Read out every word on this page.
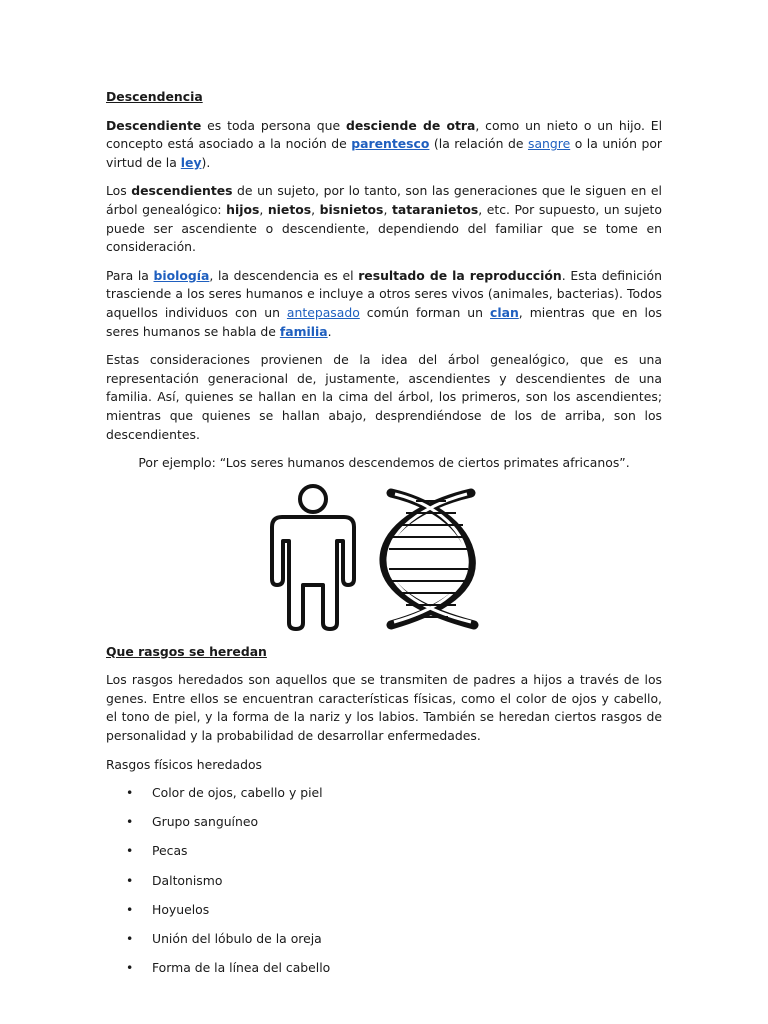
Descendencia

Descendiente es toda persona que desciende de otra, como un nieto o un hijo. El concepto está asociado a la noción de parentesco (la relación de sangre o la unión por virtud de la ley).

Los descendientes de un sujeto, por lo tanto, son las generaciones que le siguen en el árbol genealógico: hijos, nietos, bisnietos, tataranietos, etc. Por supuesto, un sujeto puede ser ascendiente o descendiente, dependiendo del familiar que se tome en consideración.

Para la biología, la descendencia es el resultado de la reproducción. Esta definición trasciende a los seres humanos e incluye a otros seres vivos (animales, bacterias). Todos aquellos individuos con un antepasado común forman un clan, mientras que en los seres humanos se habla de familia.

Estas consideraciones provienen de la idea del árbol genealógico, que es una representación generacional de, justamente, ascendientes y descendientes de una familia. Así, quienes se hallan en la cima del árbol, los primeros, son los ascendientes; mientras que quienes se hallan abajo, desprendiéndose de los de arriba, son los descendientes.

Por ejemplo: “Los seres humanos descendemos de ciertos primates africanos”.

Que rasgos se heredan

Los rasgos heredados son aquellos que se transmiten de padres a hijos a través de los genes. Entre ellos se encuentran características físicas, como el color de ojos y cabello, el tono de piel, y la forma de la nariz y los labios. También se heredan ciertos rasgos de personalidad y la probabilidad de desarrollar enfermedades.

Rasgos físicos heredados

• Color de ojos, cabello y piel
• Grupo sanguíneo
• Pecas
• Daltonismo
• Hoyuelos
• Unión del lóbulo de la oreja
• Forma de la línea del cabello
